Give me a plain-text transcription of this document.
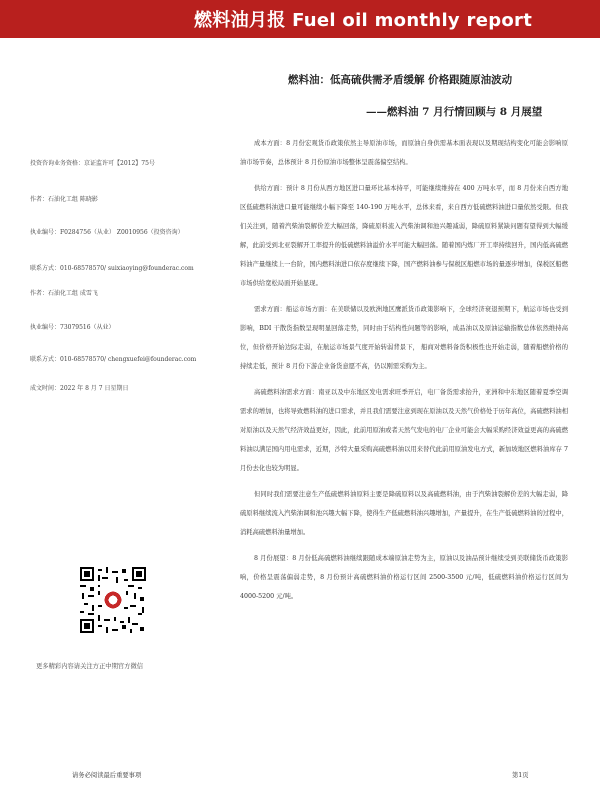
燃料油月报 Fuel oil monthly report
燃料油：低高硫供需矛盾缓解 价格跟随原油波动
——燃料油 7 月行情回顾与 8 月展望
投资咨询业务资格：京证监许可【2012】75号
作者：石油化工组 陈晓影
执业编号：F0284756（从业） Z0010956（投资咨询）
联系方式：010-68578570/ suixiaoying@founderac.com
作者：石油化工组 成雪飞
执业编号：73079516（从业）
联系方式：010-68578570/ chengxuefei@founderac.com
成文时间：2022 年 8 月 7 日星期日

成本方面：8 月份宏观货币政策依然主导原油市场，而原油自身供需基本面表现以及期现结构变化可能会影响原油市场节奏，总体预计 8 月份原油市场整体呈震荡偏空结构。

供给方面：预计 8 月份从西方地区进口量环比基本持平，可能继续维持在 400 万吨水平，而 8 月份来自西方地区低硫燃料油进口量可能继续小幅下降至 140-190 万吨水平，总体来看，来自西方低硫燃料油进口量依然受限。但我们关注到，随着汽柴油裂解价差大幅回落，降硫原料流入汽柴油调和池兴趣减弱，降硫原料紧缺问题有望得到大幅缓解，此前受到北亚裂解开工率提升的低硫燃料油溢价水平可能大幅回落。随着国内炼厂开工率持续回升，国内低高硫燃料油产量继续上一台阶，国内燃料油进口依存度继续下降，国产燃料油参与保税区船燃市场的量逐步增加，保税区船燃市场供给宽松局面开始显现。

需求方面：船运市场方面：在美联储以及欧洲地区鹰派货币政策影响下，全球经济衰退预期下，航运市场也受到影响，BDI 干散货指数呈现明显回落走势，同时由于结构性问题等的影响，成品油以及原油运输指数总体依然维持高位，但价格开始边际走弱，在航运市场景气度开始转弱背景下， 船商对燃料备货积极性也开始走弱，随着船燃价格的持续走低，预计 8 月份下游企业备货意愿不高，仍以刚需采购为主。

高硫燃料油需求方面：南亚以及中东地区发电需求旺季开启，电厂备货需求抬升，亚洲和中东地区随着夏季空调需求的增加，也将导致燃料油的进口需求，并且我们需要注意到现在原油以及天然气价格处于历年高位，高硫燃料油相对原油以及天然气经济效益更好，因此，此前用原油或者天然气发电的电厂企业可能会大幅采购经济效益更高的高硫燃料油以满足国内用电需求，近期，沙特大量采购高硫燃料油以用来替代此前用原油发电方式，新加坡地区燃料油库存 7 月份去化也较为明显。

但同时我们需要注意生产低硫燃料油原料主要是降硫原料以及高硫燃料油，由于汽柴油裂解价差的大幅走弱，降硫原料继续流入汽柴油调和池兴趣大幅下降，使得生产低硫燃料油兴趣增加，产量提升，在生产低硫燃料油的过程中，消耗高硫燃料油量增加。

8 月份展望：8 月份低高硫燃料油继续跟随成本端原油走势为主，原油以及油品预计继续受到美联储货币政策影响，价格呈震荡偏弱走势，8 月份预计高硫燃料油价格运行区间 2500-3500 元/吨，低硫燃料油价格运行区间为 4000-5200 元/吨。

更多精彩内容请关注方正中期官方微信
请务必阅读最后重要事项	第1页
